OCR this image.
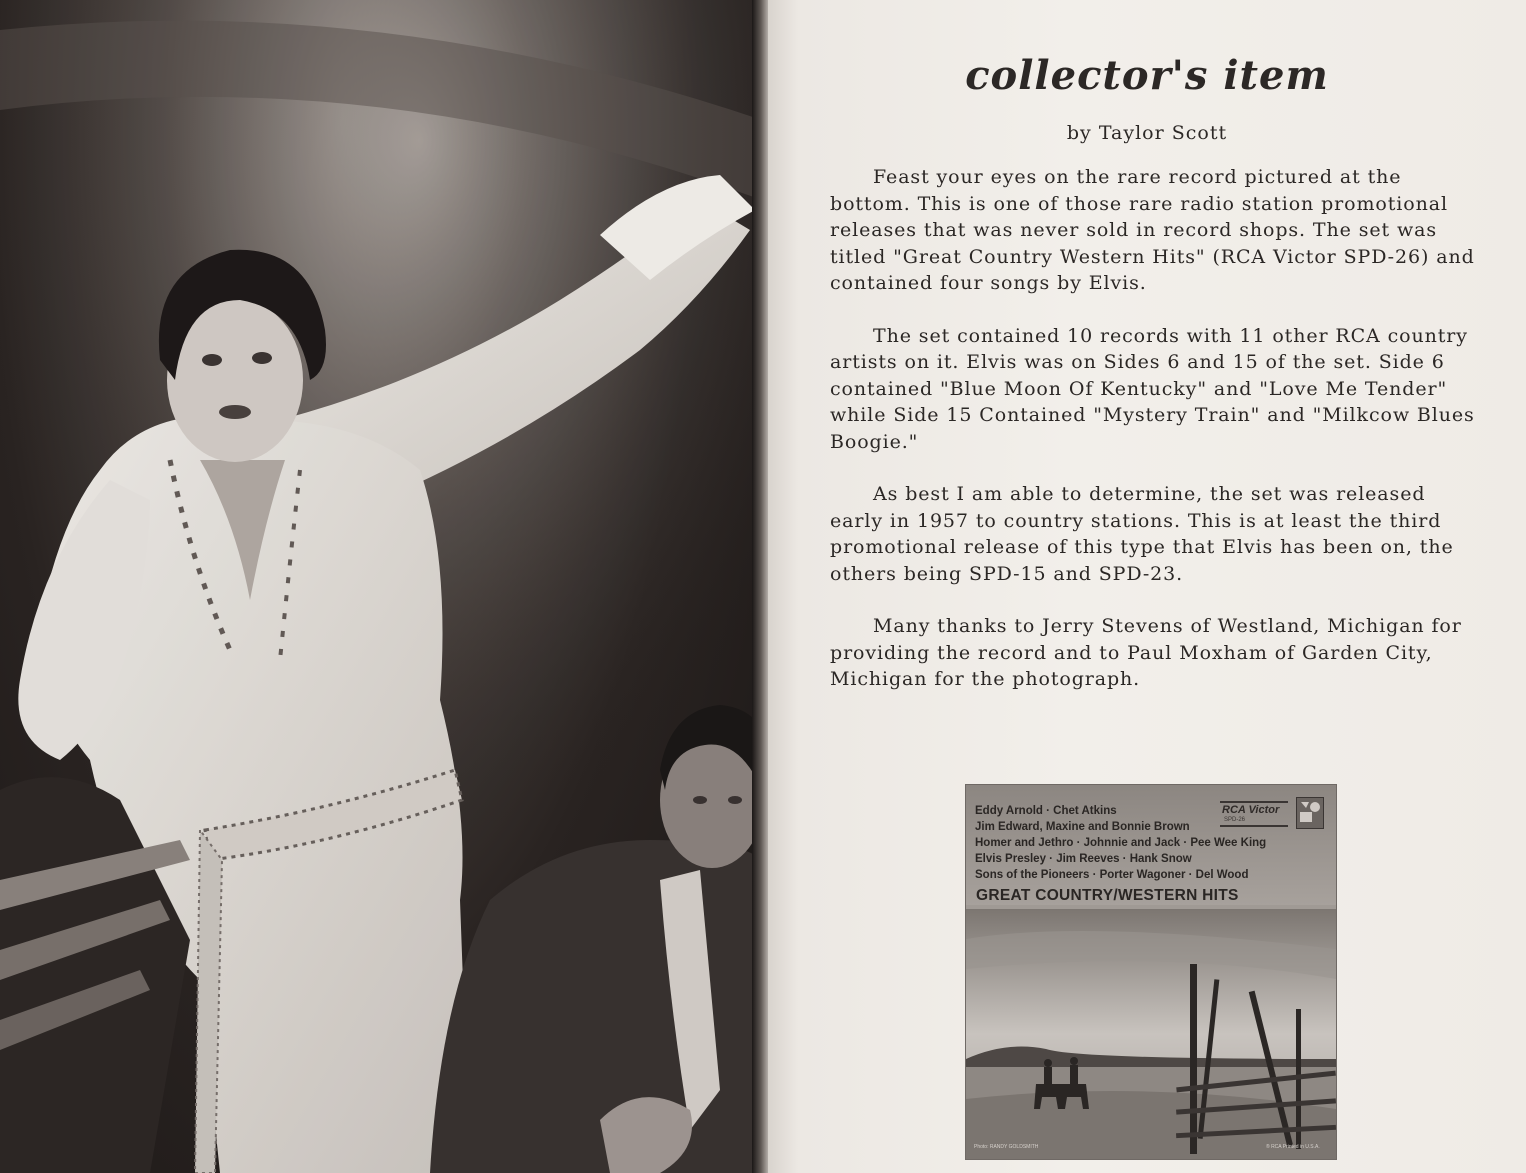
collector's item

by Taylor Scott

Feast your eyes on the rare record pictured at the bottom. This is one of those rare radio station promotional releases that was never sold in record shops. The set was titled "Great Country Western Hits" (RCA Victor SPD-26) and contained four songs by Elvis.

The set contained 10 records with 11 other RCA country artists on it. Elvis was on Sides 6 and 15 of the set. Side 6 contained "Blue Moon Of Kentucky" and "Love Me Tender" while Side 15 Contained "Mystery Train" and "Milkcow Blues Boogie."

As best I am able to determine, the set was released early in 1957 to country stations. This is at least the third promotional release of this type that Elvis has been on, the others being SPD-15 and SPD-23.

Many thanks to Jerry Stevens of Westland, Michigan for providing the record and to Paul Moxham of Garden City, Michigan for the photograph.

Eddy Arnold · Chet Atkins
Jim Edward, Maxine and Bonnie Brown
Homer and Jethro · Johnnie and Jack · Pee Wee King
Elvis Presley · Jim Reeves · Hank Snow
Sons of the Pioneers · Porter Wagoner · Del Wood
RCA Victor
SPD-26
GREAT COUNTRY/WESTERN HITS
Photo: RANDY GOLDSMITH	® RCA Printed in U.S.A.
